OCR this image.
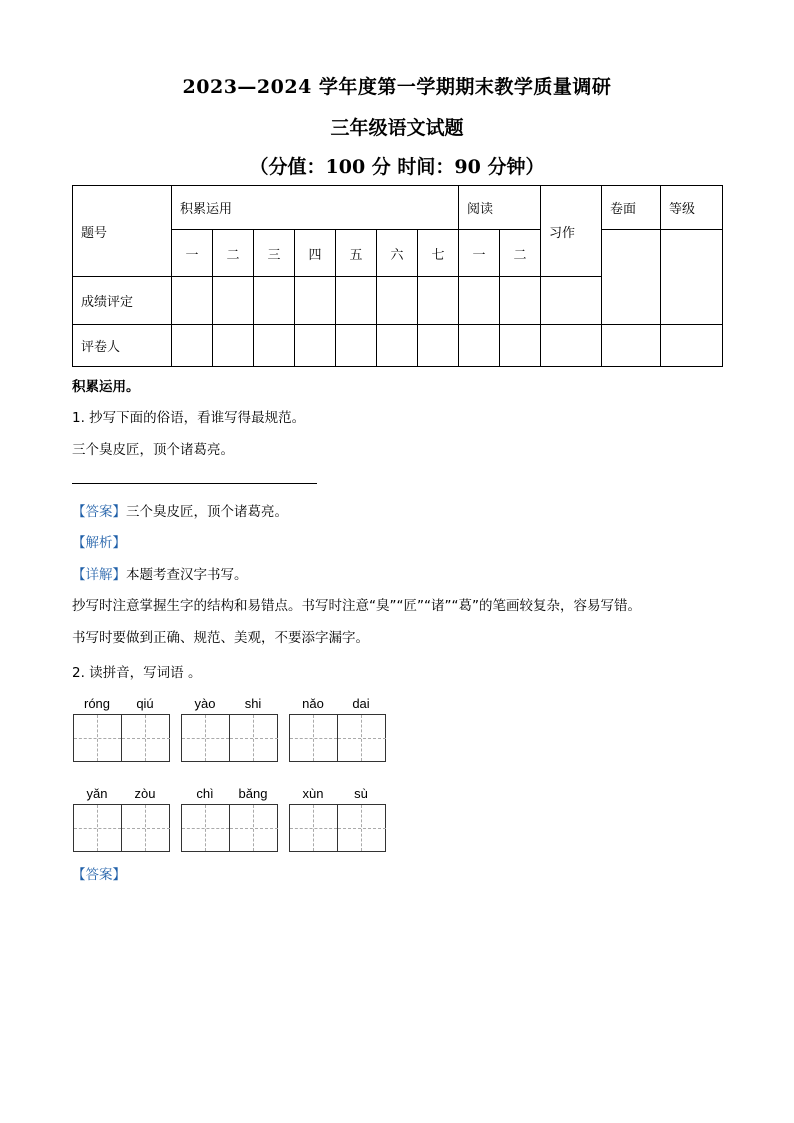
2023—2024 学年度第一学期期末教学质量调研
三年级语文试题
（分值：100 分 时间：90 分钟）
题号	积累运用							阅读		习作	卷面	等级
	一	二	三	四	五	六	七	一	二			
成绩评定												
评卷人												
积累运用。
1. 抄写下面的俗语，看谁写得最规范。
三个臭皮匠，顶个诸葛亮。
【答案】三个臭皮匠，顶个诸葛亮。
【解析】
【详解】本题考查汉字书写。
抄写时注意掌握生字的结构和易错点。书写时注意“臭”“匠”“诸”“葛”的笔画较复杂，容易写错。
书写时要做到正确、规范、美观，不要添字漏字。
2. 读拼音，写词语 。
róng	qiú	yào	shi	nǎo	dai
yǎn	zòu	chì	bǎng	xùn	sù
【答案】
